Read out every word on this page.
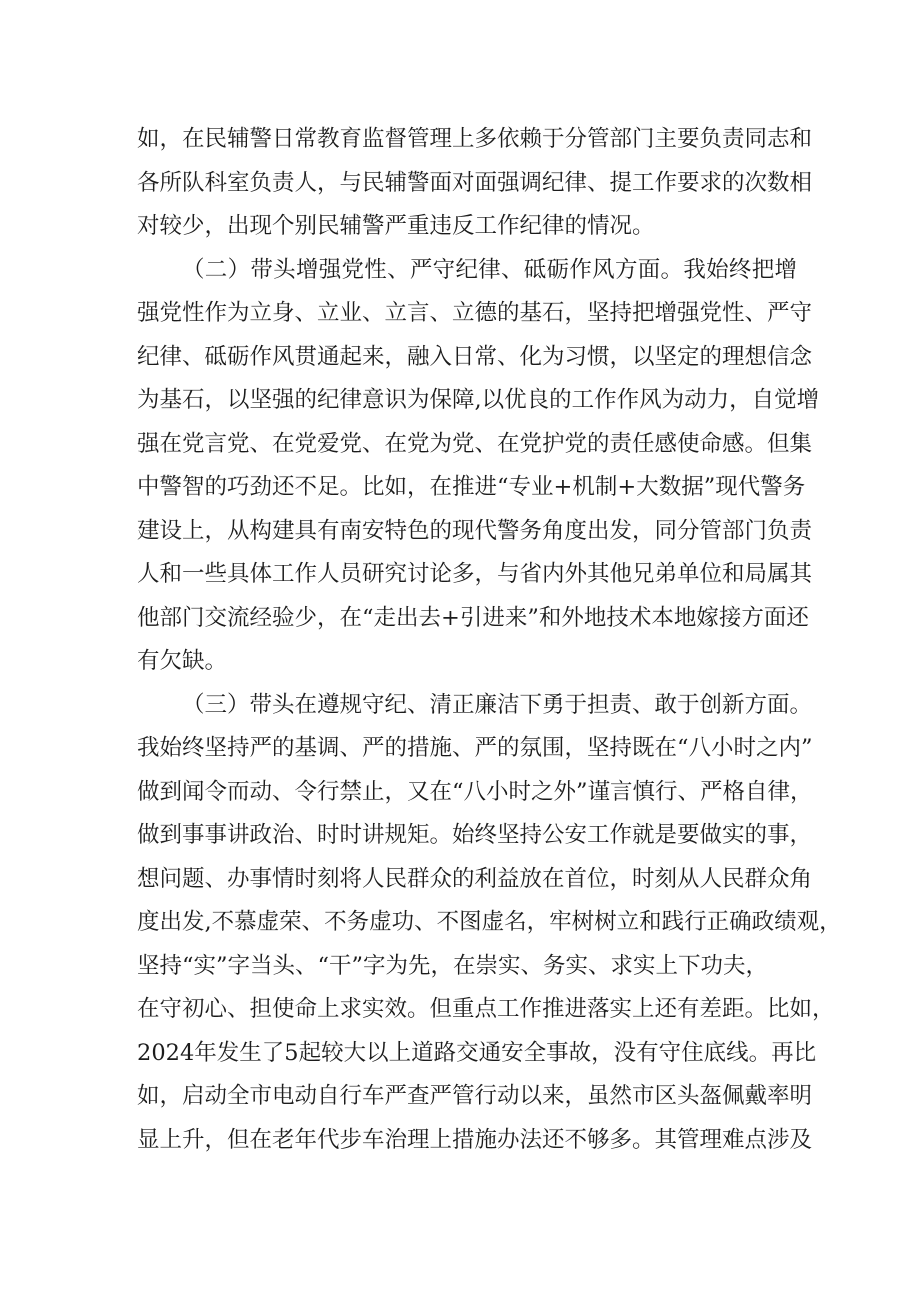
如，在民辅警日常教育监督管理上多依赖于分管部门主要负责同志和
各所队科室负责人，与民辅警面对面强调纪律、提工作要求的次数相
对较少，出现个别民辅警严重违反工作纪律的情况。
（二）带头增强党性、严守纪律、砥砺作风方面。我始终把增
强党性作为立身、立业、立言、立德的基石，坚持把增强党性、严守
纪律、砥砺作风贯通起来，融入日常、化为习惯，以坚定的理想信念
为基石，以坚强的纪律意识为保障,以优良的工作作风为动力，自觉增
强在党言党、在党爱党、在党为党、在党护党的责任感使命感。但集
中警智的巧劲还不足。比如，在推进“专业+机制+大数据”现代警务
建设上，从构建具有南安特色的现代警务角度出发，同分管部门负责
人和一些具体工作人员研究讨论多，与省内外其他兄弟单位和局属其
他部门交流经验少，在“走出去+引进来”和外地技术本地嫁接方面还
有欠缺。
（三）带头在遵规守纪、清正廉洁下勇于担责、敢于创新方面。
我始终坚持严的基调、严的措施、严的氛围，坚持既在“八小时之内”
做到闻令而动、令行禁止，又在“八小时之外”谨言慎行、严格自律，
做到事事讲政治、时时讲规矩。始终坚持公安工作就是要做实的事，
想问题、办事情时刻将人民群众的利益放在首位，时刻从人民群众角
度出发,不慕虚荣、不务虚功、不图虚名，牢树树立和践行正确政绩观，
坚持“实”字当头、“干”字为先，在崇实、务实、求实上下功夫，
在守初心、担使命上求实效。但重点工作推进落实上还有差距。比如，
2024年发生了5起较大以上道路交通安全事故，没有守住底线。再比
如，启动全市电动自行车严查严管行动以来，虽然市区头盔佩戴率明
显上升，但在老年代步车治理上措施办法还不够多。其管理难点涉及
